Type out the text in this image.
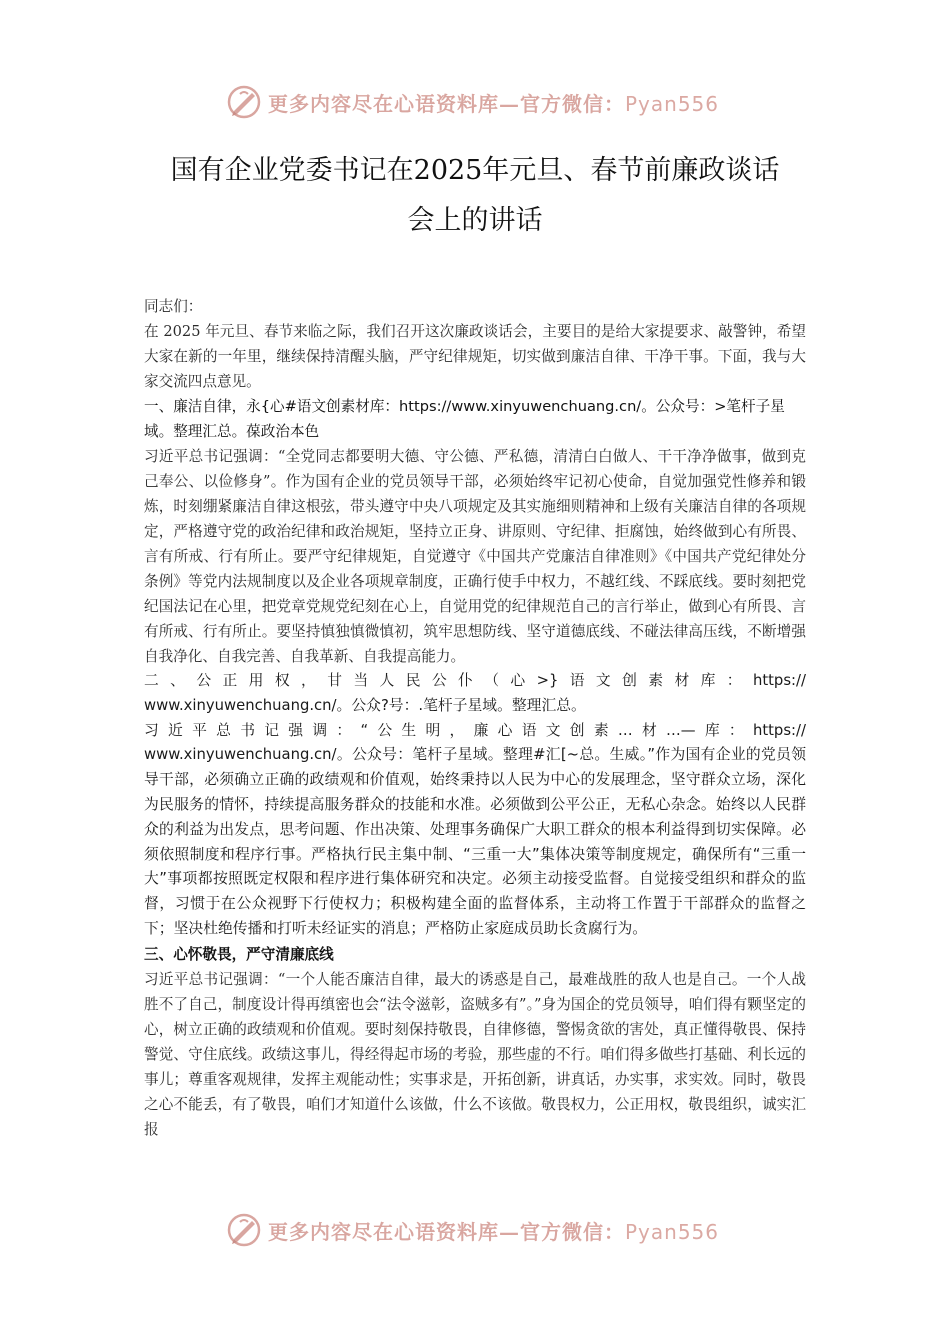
更多内容尽在心语资料库—官方微信：Pyan556
国有企业党委书记在2025年元旦、春节前廉政谈话
会上的讲话

同志们：

在 2025 年元旦、春节来临之际，我们召开这次廉政谈话会，主要目的是给大家提要求、敲警钟，希望大家在新的一年里，继续保持清醒头脑，严守纪律规矩，切实做到廉洁自律、干净干事。下面，我与大家交流四点意见。

一、廉洁自律，永{心#语文创素材库：https://www.xinyuwenchuang.cn/。公众号：>笔杆子星域。整理汇总。葆政治本色

习近平总书记强调：“全党同志都要明大德、守公德、严私德，清清白白做人、干干净净做事，做到克己奉公、以俭修身”。作为国有企业的党员领导干部，必须始终牢记初心使命，自觉加强党性修养和锻炼，时刻绷紧廉洁自律这根弦，带头遵守中央八项规定及其实施细则精神和上级有关廉洁自律的各项规定，严格遵守党的政治纪律和政治规矩，坚持立正身、讲原则、守纪律、拒腐蚀，始终做到心有所畏、言有所戒、行有所止。要严守纪律规矩，自觉遵守《中国共产党廉洁自律准则》《中国共产党纪律处分条例》等党内法规制度以及企业各项规章制度，正确行使手中权力，不越红线、不踩底线。要时刻把党纪国法记在心里，把党章党规党纪刻在心上，自觉用党的纪律规范自己的言行举止，做到心有所畏、言有所戒、行有所止。要坚持慎独慎微慎初，筑牢思想防线、坚守道德底线、不碰法律高压线，不断增强自我净化、自我完善、自我革新、自我提高能力。

二、公正用权，甘当人民公仆（心>}语文创素材库：https://
www.xinyuwenchuang.cn/。公众?号：.笔杆子星域。整理汇总。

习近平总书记强调：“公生明，廉心语文创素…材…—库：https://
www.xinyuwenchuang.cn/。公众号：笔杆子星域。整理#汇[~总。生威。”作为国有企业的党员领导干部，必须确立正确的政绩观和价值观，始终秉持以人民为中心的发展理念，坚守群众立场，深化为民服务的情怀，持续提高服务群众的技能和水准。必须做到公平公正，无私心杂念。始终以人民群众的利益为出发点，思考问题、作出决策、处理事务确保广大职工群众的根本利益得到切实保障。必须依照制度和程序行事。严格执行民主集中制、“三重一大”集体决策等制度规定，确保所有“三重一大”事项都按照既定权限和程序进行集体研究和决定。必须主动接受监督。自觉接受组织和群众的监督，习惯于在公众视野下行使权力；积极构建全面的监督体系，主动将工作置于干部群众的监督之下；坚决杜绝传播和打听未经证实的消息；严格防止家庭成员助长贪腐行为。

三、心怀敬畏，严守清廉底线

习近平总书记强调：“一个人能否廉洁自律，最大的诱惑是自己，最难战胜的敌人也是自己。一个人战胜不了自己，制度设计得再缜密也会“法令滋彰，盗贼多有”。”身为国企的党员领导，咱们得有颗坚定的心，树立正确的政绩观和价值观。要时刻保持敬畏，自律修德，警惕贪欲的害处，真正懂得敬畏、保持警觉、守住底线。政绩这事儿，得经得起市场的考验，那些虚的不行。咱们得多做些打基础、利长远的事儿；尊重客观规律，发挥主观能动性；实事求是，开拓创新，讲真话，办实事，求实效。同时，敬畏之心不能丢，有了敬畏，咱们才知道什么该做，什么不该做。敬畏权力，公正用权，敬畏组织，诚实汇报

更多内容尽在心语资料库—官方微信：Pyan556
